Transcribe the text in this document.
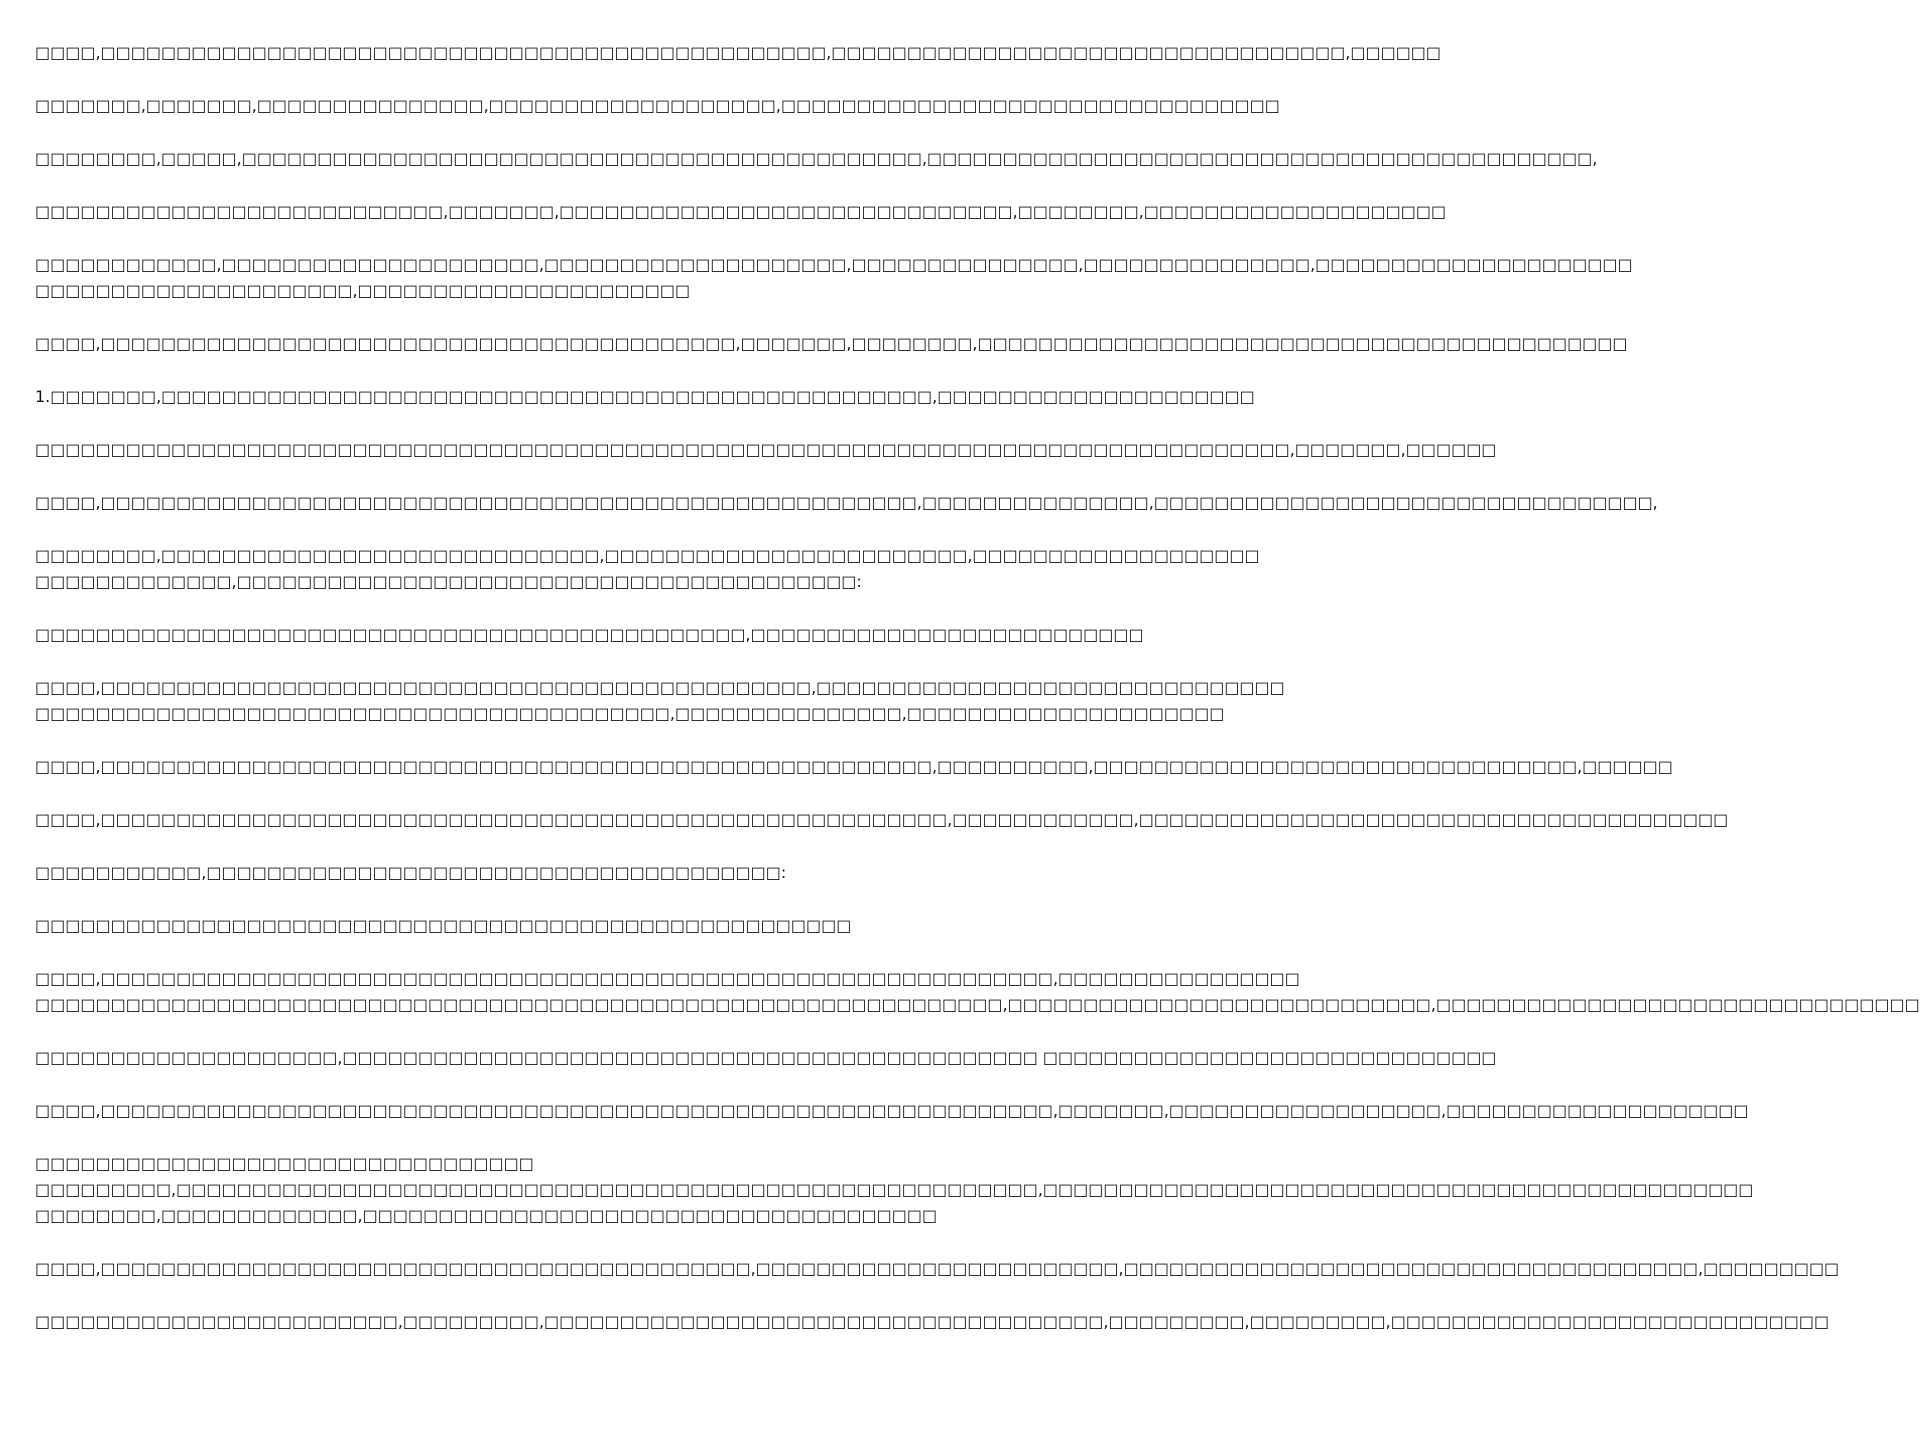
□□□□,□□□□□□□□□□□□□□□□□□□□□□□□□□□□□□□□□□□□□□□□□□□□□□□□,□□□□□□□□□□□□□□□□□□□□□□□□□□□□□□□□□□,□□□□□□

□□□□□□□,□□□□□□□,□□□□□□□□□□□□□□□,□□□□□□□□□□□□□□□□□□□,□□□□□□□□□□□□□□□□□□□□□□□□□□□□□□□□□

□□□□□□□□,□□□□□,□□□□□□□□□□□□□□□□□□□□□□□□□□□□□□□□□□□□□□□□□□□□□,□□□□□□□□□□□□□□□□□□□□□□□□□□□□□□□□□□□□□□□□□□□□,

□□□□□□□□□□□□□□□□□□□□□□□□□□□,□□□□□□□,□□□□□□□□□□□□□□□□□□□□□□□□□□□□□□,□□□□□□□□,□□□□□□□□□□□□□□□□□□□□

□□□□□□□□□□□□,□□□□□□□□□□□□□□□□□□□□□,□□□□□□□□□□□□□□□□□□□□,□□□□□□□□□□□□□□□,□□□□□□□□□□□□□□□,□□□□□□□□□□□□□□□□□□□□□
□□□□□□□□□□□□□□□□□□□□□,□□□□□□□□□□□□□□□□□□□□□□

□□□□,□□□□□□□□□□□□□□□□□□□□□□□□□□□□□□□□□□□□□□□□□□,□□□□□□□,□□□□□□□□,□□□□□□□□□□□□□□□□□□□□□□□□□□□□□□□□□□□□□□□□□□□

1.□□□□□□□,□□□□□□□□□□□□□□□□□□□□□□□□□□□□□□□□□□□□□□□□□□□□□□□□□□□,□□□□□□□□□□□□□□□□□□□□□

□□□□□□□□□□□□□□□□□□□□□□□□□□□□□□□□□□□□□□□□□□□□□□□□□□□□□□□□□□□□□□□□□□□□□□□□□□□□□□□□□□□,□□□□□□□,□□□□□□

□□□□,□□□□□□□□□□□□□□□□□□□□□□□□□□□□□□□□□□□□□□□□□□□□□□□□□□□□□□,□□□□□□□□□□□□□□□,□□□□□□□□□□□□□□□□□□□□□□□□□□□□□□□□□,

□□□□□□□□,□□□□□□□□□□□□□□□□□□□□□□□□□□□□□,□□□□□□□□□□□□□□□□□□□□□□□□,□□□□□□□□□□□□□□□□□□□
□□□□□□□□□□□□□,□□□□□□□□□□□□□□□□□□□□□□□□□□□□□□□□□□□□□□□□□:

□□□□□□□□□□□□□□□□□□□□□□□□□□□□□□□□□□□□□□□□□□□□□□□,□□□□□□□□□□□□□□□□□□□□□□□□□□

□□□□,□□□□□□□□□□□□□□□□□□□□□□□□□□□□□□□□□□□□□□□□□□□□□□□,□□□□□□□□□□□□□□□□□□□□□□□□□□□□□□□
□□□□□□□□□□□□□□□□□□□□□□□□□□□□□□□□□□□□□□□□□□,□□□□□□□□□□□□□□□,□□□□□□□□□□□□□□□□□□□□□

□□□□,□□□□□□□□□□□□□□□□□□□□□□□□□□□□□□□□□□□□□□□□□□□□□□□□□□□□□□□,□□□□□□□□□□,□□□□□□□□□□□□□□□□□□□□□□□□□□□□□□□□,□□□□□□

□□□□,□□□□□□□□□□□□□□□□□□□□□□□□□□□□□□□□□□□□□□□□□□□□□□□□□□□□□□□□,□□□□□□□□□□□□,□□□□□□□□□□□□□□□□□□□□□□□□□□□□□□□□□□□□□□□

□□□□□□□□□□□,□□□□□□□□□□□□□□□□□□□□□□□□□□□□□□□□□□□□□□:

□□□□□□□□□□□□□□□□□□□□□□□□□□□□□□□□□□□□□□□□□□□□□□□□□□□□□□

□□□□,□□□□□□□□□□□□□□□□□□□□□□□□□□□□□□□□□□□□□□□□□□□□□□□□□□□□□□□□□□□□□□□,□□□□□□□□□□□□□□□□
□□□□□□□□□□□□□□□□□□□□□□□□□□□□□□□□□□□□□□□□□□□□□□□□□□□□□□□□□□□□□□□□,□□□□□□□□□□□□□□□□□□□□□□□□□□□□,□□□□□□□□□□□□□□□□□□□□□□□□□□□□□□□□

□□□□□□□□□□□□□□□□□□□□,□□□□□□□□□□□□□□□□□□□□□□□□□□□□□□□□□□□□□□□□□□□□□□ □□□□□□□□□□□□□□□□□□□□□□□□□□□□□□

□□□□,□□□□□□□□□□□□□□□□□□□□□□□□□□□□□□□□□□□□□□□□□□□□□□□□□□□□□□□□□□□□□□□,□□□□□□□,□□□□□□□□□□□□□□□□□□,□□□□□□□□□□□□□□□□□□□□

□□□□□□□□□□□□□□□□□□□□□□□□□□□□□□□□□
□□□□□□□□□,□□□□□□□□□□□□□□□□□□□□□□□□□□□□□□□□□□□□□□□□□□□□□□□□□□□□□□□□□,□□□□□□□□□□□□□□□□□□□□□□□□□□□□□□□□□□□□□□□□□□□□□□□
□□□□□□□□,□□□□□□□□□□□□□,□□□□□□□□□□□□□□□□□□□□□□□□□□□□□□□□□□□□□□

□□□□,□□□□□□□□□□□□□□□□□□□□□□□□□□□□□□□□□□□□□□□□□□□,□□□□□□□□□□□□□□□□□□□□□□□□,□□□□□□□□□□□□□□□□□□□□□□□□□□□□□□□□□□□□□□,□□□□□□□□□

□□□□□□□□□□□□□□□□□□□□□□□□,□□□□□□□□□,□□□□□□□□□□□□□□□□□□□□□□□□□□□□□□□□□□□□□,□□□□□□□□□,□□□□□□□□□,□□□□□□□□□□□□□□□□□□□□□□□□□□□□□
